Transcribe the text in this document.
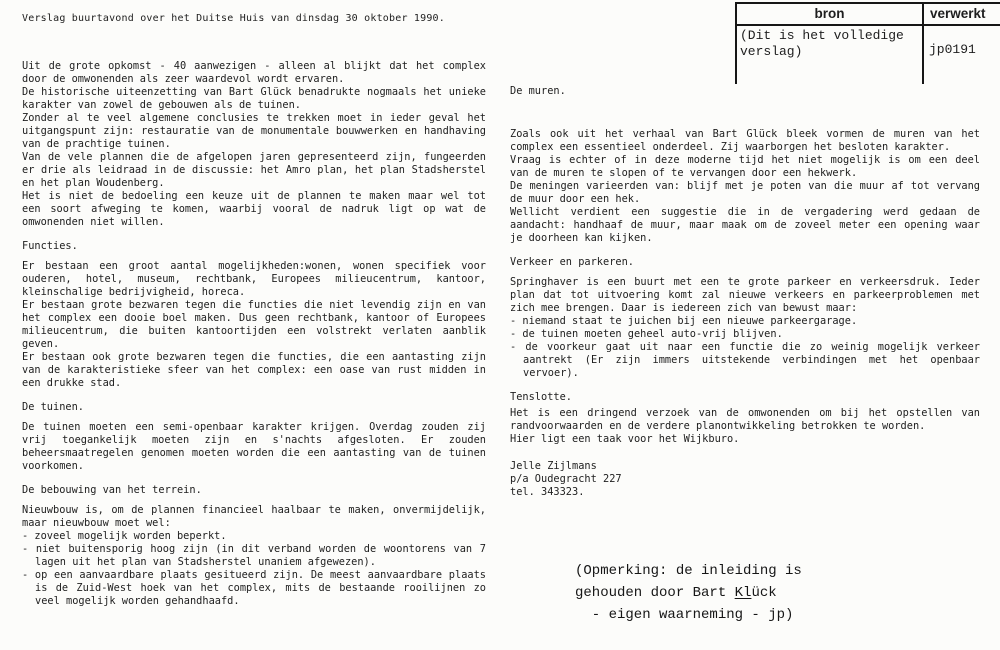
bron	verwerkt
(Dit is het volledige verslag)	jp0191
Verslag buurtavond over het Duitse Huis van dinsdag 30 oktober 1990.

Uit de grote opkomst - 40 aanwezigen - alleen al blijkt dat het complex door de omwonenden als zeer waardevol wordt ervaren.

De historische uiteenzetting van Bart Glück benadrukte nogmaals het unieke karakter van zowel de gebouwen als de tuinen.

Zonder al te veel algemene conclusies te trekken moet in ieder geval het uitgangspunt zijn: restauratie van de monumentale bouwwerken en handhaving van de prachtige tuinen.

Van de vele plannen die de afgelopen jaren gepresenteerd zijn, fungeerden er drie als leidraad in de discussie: het Amro plan, het plan Stadsherstel en het plan Woudenberg.

Het is niet de bedoeling een keuze uit de plannen te maken maar wel tot een soort afweging te komen, waarbij vooral de nadruk ligt op wat de omwonenden niet willen.

Functies.

Er bestaan een groot aantal mogelijkheden:wonen, wonen specifiek voor ouderen, hotel, museum, rechtbank, Europees milieucentrum, kantoor, kleinschalige bedrijvigheid, horeca.

Er bestaan grote bezwaren tegen die functies die niet levendig zijn en van het complex een dooie boel maken. Dus geen rechtbank, kantoor of Europees milieucentrum, die buiten kantoortijden een volstrekt verlaten aanblik geven.

Er bestaan ook grote bezwaren tegen die functies, die een aantasting zijn van de karakteristieke sfeer van het complex: een oase van rust midden in een drukke stad.

De tuinen.

De tuinen moeten een semi-openbaar karakter krijgen. Overdag zouden zij vrij toegankelijk moeten zijn en s'nachts afgesloten. Er zouden beheersmaatregelen genomen moeten worden die een aantasting van de tuinen voorkomen.

De bebouwing van het terrein.

Nieuwbouw is, om de plannen financieel haalbaar te maken, onvermijdelijk, maar nieuwbouw moet wel:

- zoveel mogelijk worden beperkt.

- niet buitensporig hoog zijn (in dit verband worden de woontorens van 7 lagen uit het plan van Stadsherstel unaniem afgewezen).

- op een aanvaardbare plaats gesitueerd zijn. De meest aanvaardbare plaats is de Zuid-West hoek van het complex, mits de bestaande rooilijnen zo veel mogelijk worden gehandhaafd.

De muren.

Zoals ook uit het verhaal van Bart Glück bleek vormen de muren van het complex een essentieel onderdeel. Zij waarborgen het besloten karakter.

Vraag is echter of in deze moderne tijd het niet mogelijk is om een deel van de muren te slopen of te vervangen door een hekwerk.

De meningen varieerden van: blijf met je poten van die muur af tot vervang de muur door een hek.

Wellicht verdient een suggestie die in de vergadering werd gedaan de aandacht: handhaaf de muur, maar maak om de zoveel meter een opening waar je doorheen kan kijken.

Verkeer en parkeren.

Springhaver is een buurt met een te grote parkeer en verkeersdruk. Ieder plan dat tot uitvoering komt zal nieuwe verkeers en parkeerproblemen met zich mee brengen. Daar is iedereen zich van bewust maar:

- niemand staat te juichen bij een nieuwe parkeergarage.

- de tuinen moeten geheel auto-vrij blijven.

- de voorkeur gaat uit naar een functie die zo weinig mogelijk verkeer aantrekt (Er zijn immers uitstekende verbindingen met het openbaar vervoer).

Tenslotte.

Het is een dringend verzoek van de omwonenden om bij het opstellen van randvoorwaarden en de verdere planontwikkeling betrokken te worden.

Hier ligt een taak voor het Wijkburo.

Jelle Zijlmans
p/a Oudegracht 227
tel. 343323.
(Opmerking: de inleiding is
gehouden door Bart Klück
- eigen waarneming - jp)
